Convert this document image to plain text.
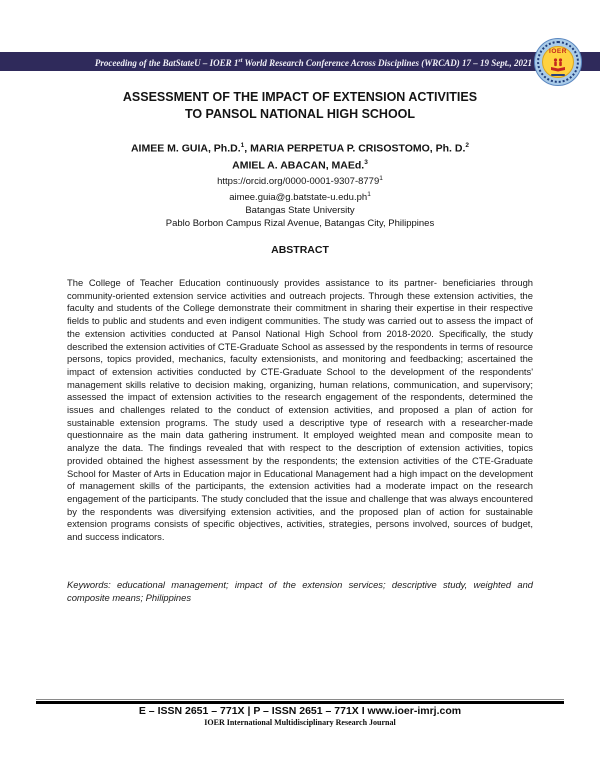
Proceeding of the BatStateU – IOER 1st World Research Conference Across Disciplines (WRCAD) 17 – 19 Sept., 2021
IOER
ASSESSMENT OF THE IMPACT OF EXTENSION ACTIVITIES
TO PANSOL NATIONAL HIGH SCHOOL
AIMEE M. GUIA, Ph.D.$^1$, MARIA PERPETUA P. CRISOSTOMO, Ph. D.$^2$
AMIEL A. ABACAN, MAEd.$^3$
https://orcid.org/0000-0001-9307-8779$^1$
$aimee.guia@g.batstate-u.edu.ph^1$
Batangas State University
Pablo Borbon Campus Rizal Avenue, Batangas City, Philippines
ABSTRACT
The College of Teacher Education continuously provides assistance to its partner- beneficiaries through community-oriented extension service activities and outreach projects. Through these extension activities, the faculty and students of the College demonstrate their commitment in sharing their expertise in their respective fields to public and students and even indigent communities. The study was carried out to assess the impact of the extension activities conducted at Pansol National High School from 2018-2020. Specifically, the study described the extension activities of CTE-Graduate School as assessed by the respondents in terms of resource persons, topics provided, mechanics, faculty extensionists, and monitoring and feedbacking; ascertained the impact of extension activities conducted by CTE-Graduate School to the development of the respondents' management skills relative to decision making, organizing, human relations, communication, and supervisory; assessed the impact of extension activities to the research engagement of the respondents, determined the issues and challenges related to the conduct of extension activities, and proposed a plan of action for sustainable extension programs. The study used a descriptive type of research with a researcher-made questionnaire as the main data gathering instrument. It employed weighted mean and composite mean to analyze the data. The findings revealed that with respect to the description of extension activities, topics provided obtained the highest assessment by the respondents; the extension activities of the CTE-Graduate School for Master of Arts in Education major in Educational Management had a high impact on the development of management skills of the participants, the extension activities had a moderate impact on the research engagement of the participants. The study concluded that the issue and challenge that was always encountered by the respondents was diversifying extension activities, and the proposed plan of action for sustainable extension programs consists of specific objectives, activities, strategies, persons involved, sources of budget, and success indicators.
Keywords: educational management; impact of the extension services; descriptive study, weighted and composite means; Philippines
E – ISSN 2651 – 771X | P – ISSN 2651 – 771X I www.ioer-imrj.com
IOER International Multidisciplinary Research Journal
